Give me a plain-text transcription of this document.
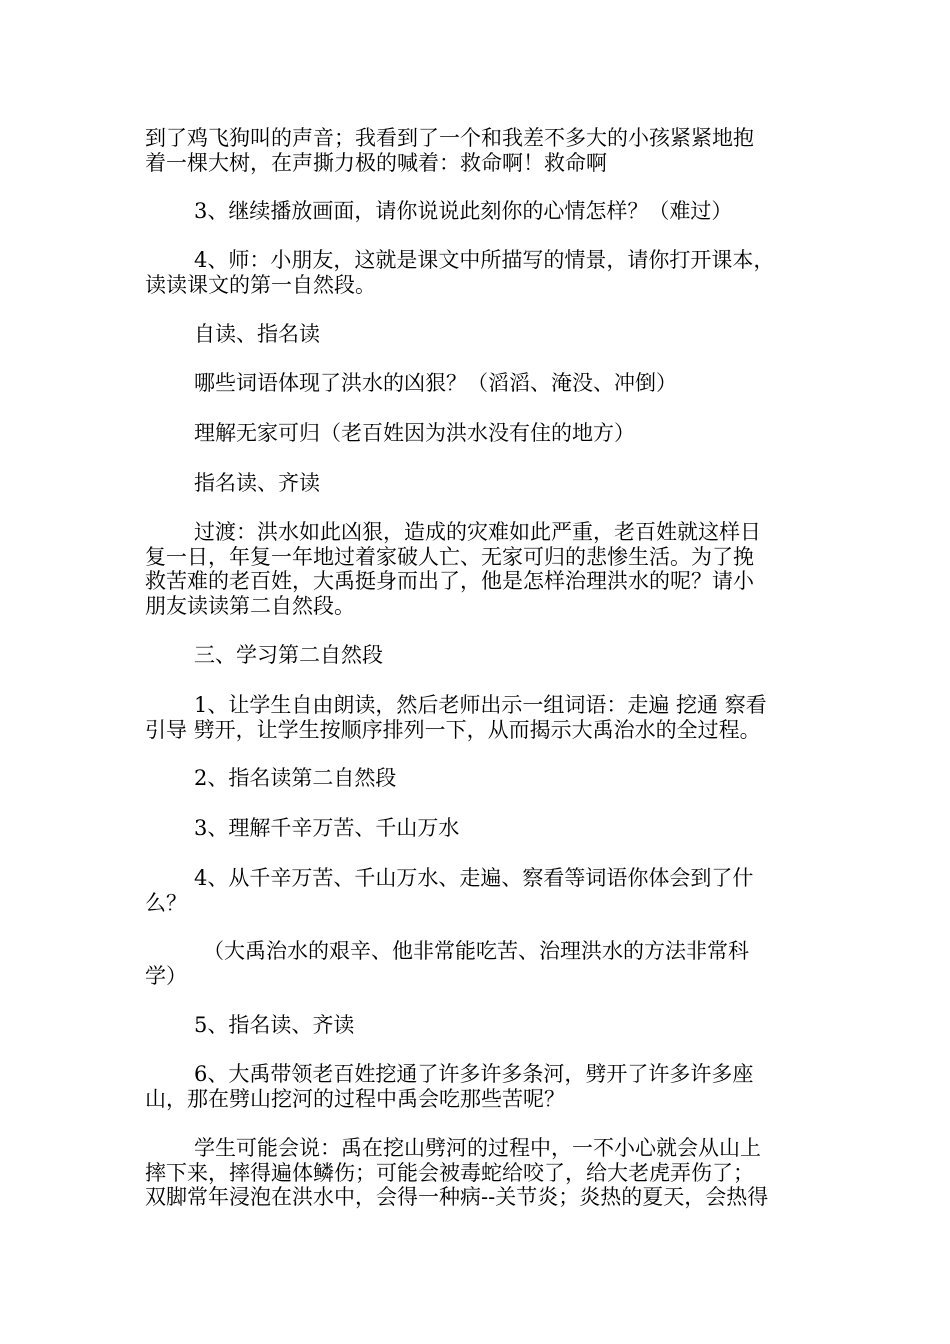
到了鸡飞狗叫的声音；我看到了一个和我差不多大的小孩紧紧地抱
着一棵大树，在声撕力极的喊着：救命啊！救命啊

3、继续播放画面，请你说说此刻你的心情怎样？（难过）

4、师：小朋友，这就是课文中所描写的情景，请你打开课本，
读读课文的第一自然段。

自读、指名读

哪些词语体现了洪水的凶狠？（滔滔、淹没、冲倒）

理解无家可归（老百姓因为洪水没有住的地方）

指名读、齐读

过渡：洪水如此凶狠，造成的灾难如此严重，老百姓就这样日
复一日，年复一年地过着家破人亡、无家可归的悲惨生活。为了挽
救苦难的老百姓，大禹挺身而出了，他是怎样治理洪水的呢？请小
朋友读读第二自然段。

三、学习第二自然段

1、让学生自由朗读，然后老师出示一组词语：走遍 挖通 察看
引导 劈开，让学生按顺序排列一下，从而揭示大禹治水的全过程。

2、指名读第二自然段

3、理解千辛万苦、千山万水

4、从千辛万苦、千山万水、走遍、察看等词语你体会到了什
么？

（大禹治水的艰辛、他非常能吃苦、治理洪水的方法非常科
学）

5、指名读、齐读

6、大禹带领老百姓挖通了许多许多条河，劈开了许多许多座
山，那在劈山挖河的过程中禹会吃那些苦呢？

学生可能会说：禹在挖山劈河的过程中，一不小心就会从山上
摔下来，摔得遍体鳞伤；可能会被毒蛇给咬了，给大老虎弄伤了；
双脚常年浸泡在洪水中，会得一种病--关节炎；炎热的夏天，会热得
